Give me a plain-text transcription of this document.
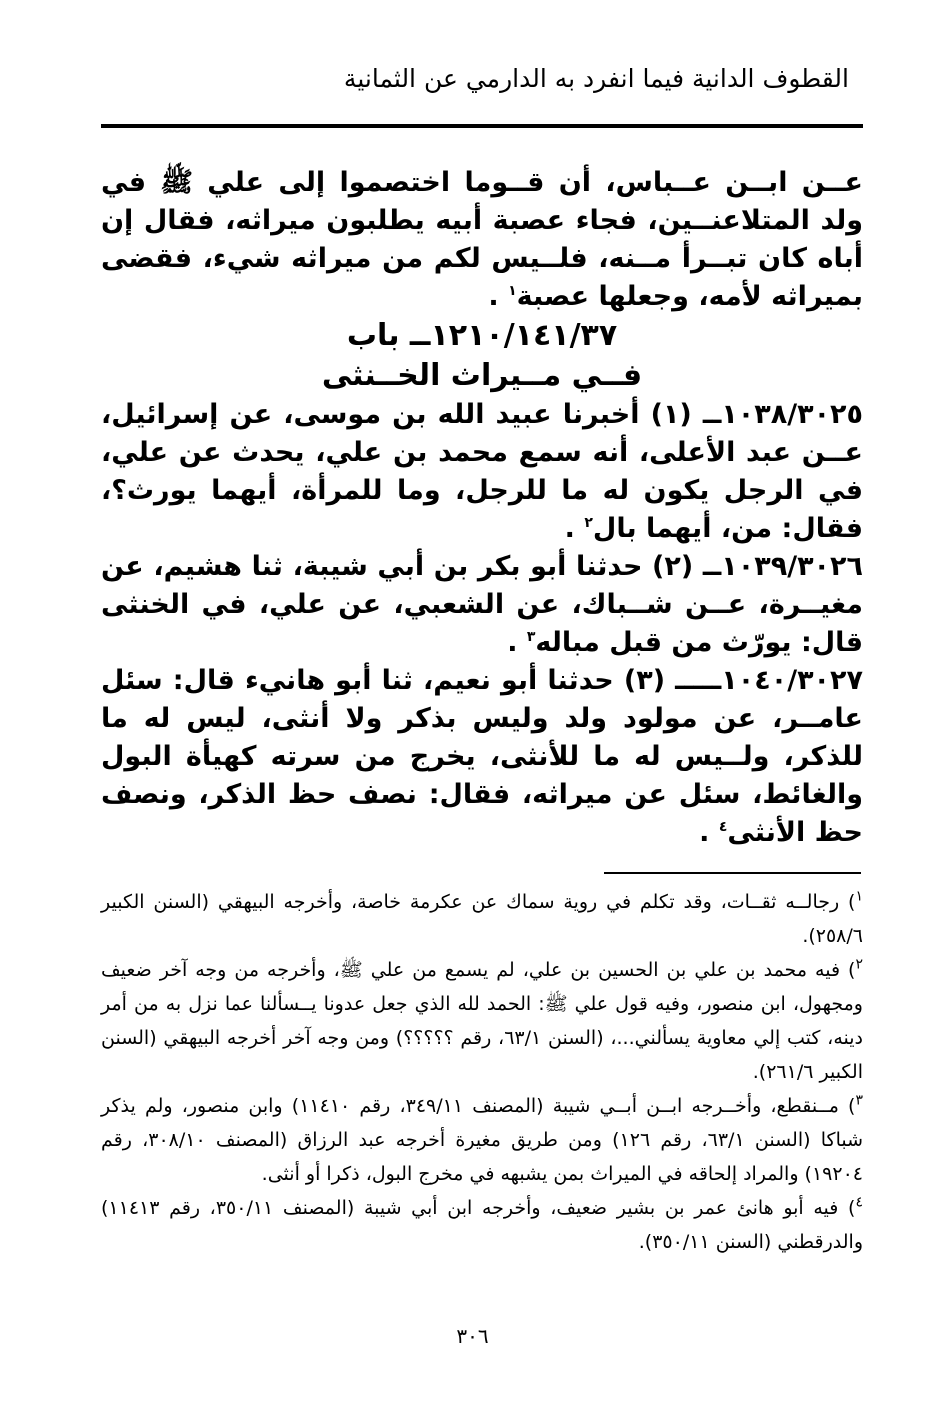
القطوف الدانية فيما انفرد به الدارمي عن الثمانية

عــن ابــن عــباس، أن قــوما اختصموا إلى علي ﷺ في ولد المتلاعنــين، فجاء عصبة أبيه يطلبون ميراثه، فقال إن أباه كان تبــرأ مــنه، فلــيس لكم من ميراثه شيء، فقضى بميراثه لأمه، وجعلها عصبة$^١$ .

١٢١٠/١٤١/٣٧ــ باب

فــي مــيراث الخــنثى

١٠٣٨/٣٠٢٥ــ (١) أخبرنا عبيد الله بن موسى، عن إسرائيل، عــن عبد الأعلى، أنه سمع محمد بن علي، يحدث عن علي، في الرجل يكون له ما للرجل، وما للمرأة، أيهما يورث؟، فقال: من، أيهما بال$^٢$ .

١٠٣٩/٣٠٢٦ــ (٢) حدثنا أبو بكر بن أبي شيبة، ثنا هشيم، عن مغيــرة، عــن شــباك، عن الشعبي، عن علي، في الخنثى قال: يورّث من قبل مباله$^٣$ .

١٠٤٠/٣٠٢٧ـــــ (٣) حدثنا أبو نعيم، ثنا أبو هانيء قال: سئل عامــر، عن مولود ولد وليس بذكر ولا أنثى، ليس له ما للذكر، ولــيس له ما للأنثى، يخرج من سرته كهيأة البول والغائط، سئل عن ميراثه، فقال: نصف حظ الذكر، ونصف حظ الأنثى$^٤$ .

$^١$) رجالــه ثقــات، وقد تكلم في روية سماك عن عكرمة خاصة، وأخرجه البيهقي (السنن الكبير ٢٥٨/٦).

$^٢$) فيه محمد بن علي بن الحسين بن علي، لم يسمع من علي ﷺ، وأخرجه من وجه آخر ضعيف ومجهول، ابن منصور، وفيه قول علي ﷺ: الحمد لله الذي جعل عدونا يــسألنا عما نزل به من أمر دينه، كتب إلي معاوية يسألني...، (السنن ٦٣/١، رقم ؟؟؟؟؟) ومن وجه آخر أخرجه البيهقي (السنن الكبير ٢٦١/٦).

$^٣$) مــنقطع، وأخــرجه ابــن أبــي شيبة (المصنف ٣٤٩/١١، رقم ١١٤١٠) وابن منصور، ولم يذكر شباكا (السنن ٦٣/١، رقم ١٢٦) ومن طريق مغيرة أخرجه عبد الرزاق (المصنف ٣٠٨/١٠، رقم ١٩٢٠٤) والمراد إلحاقه في الميراث بمن يشبهه في مخرج البول، ذكرا أو أنثى.

$^٤$) فيه أبو هانئ عمر بن بشير ضعيف، وأخرجه ابن أبي شيبة (المصنف ٣٥٠/١١، رقم ١١٤١٣) والدرقطني (السنن ٣٥٠/١١).

٣٠٦
